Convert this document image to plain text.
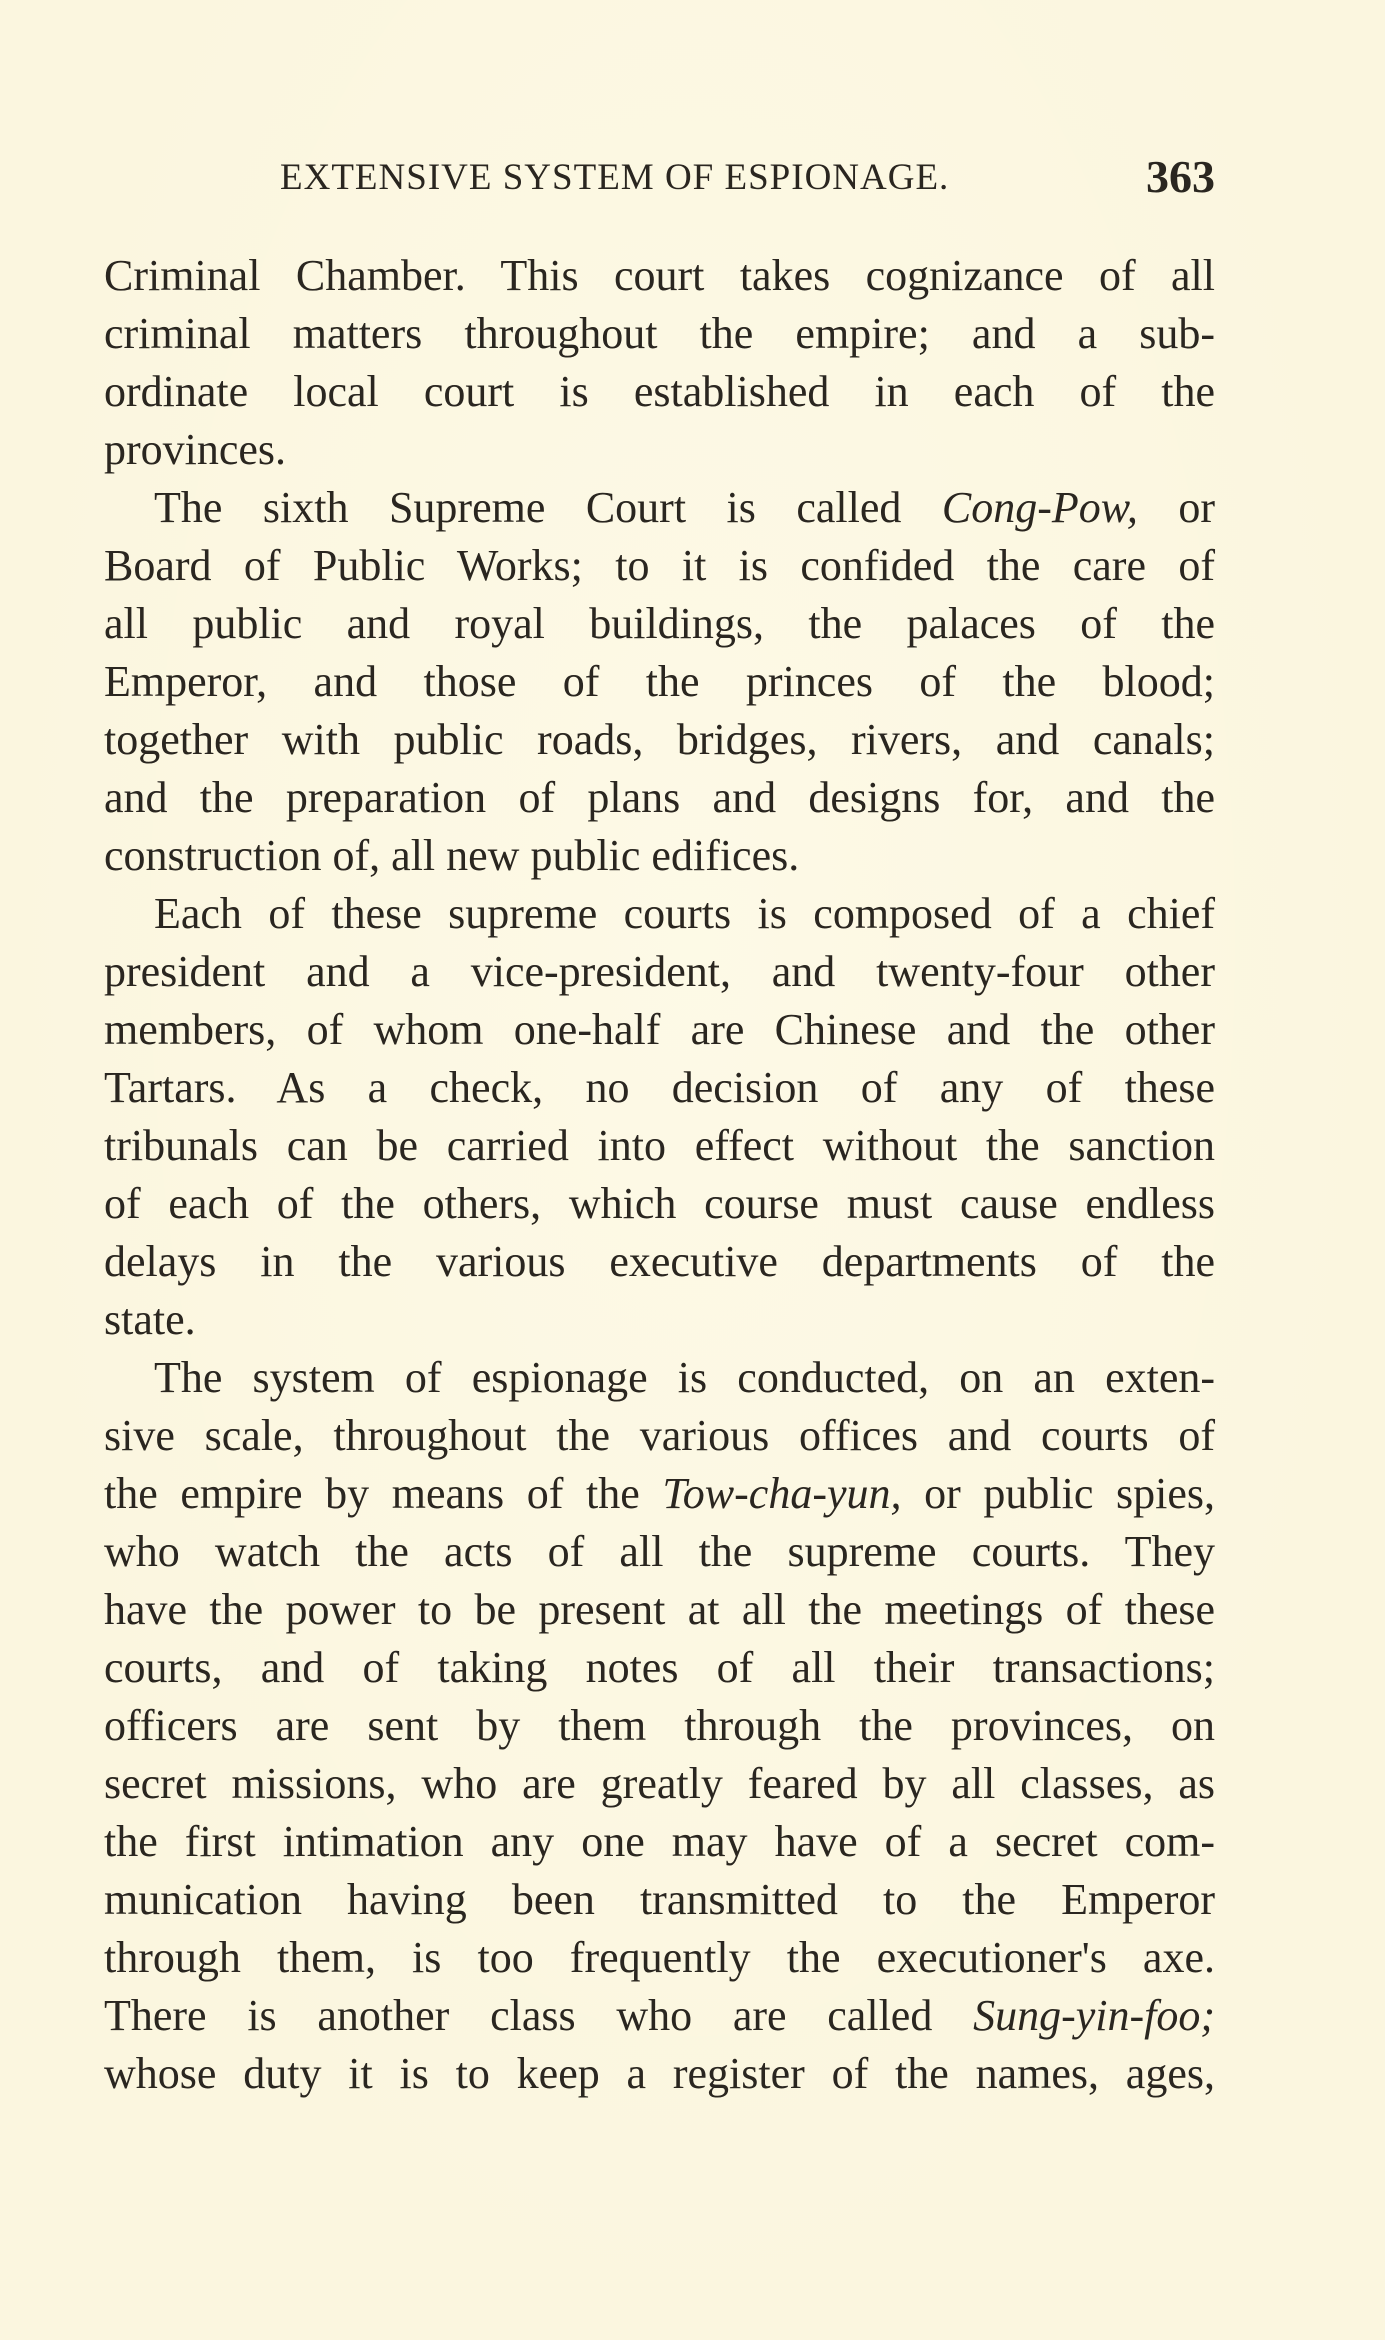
EXTENSIVE SYSTEM OF ESPIONAGE.	363
Criminal Chamber. This court takes cognizance of all
criminal matters throughout the empire; and a sub-
ordinate local court is established in each of the
provinces.
The sixth Supreme Court is called Cong-Pow, or
Board of Public Works; to it is confided the care of
all public and royal buildings, the palaces of the
Emperor, and those of the princes of the blood;
together with public roads, bridges, rivers, and canals;
and the preparation of plans and designs for, and the
construction of, all new public edifices.
Each of these supreme courts is composed of a chief
president and a vice-president, and twenty-four other
members, of whom one-half are Chinese and the other
Tartars. As a check, no decision of any of these
tribunals can be carried into effect without the sanction
of each of the others, which course must cause endless
delays in the various executive departments of the
state.
The system of espionage is conducted, on an exten-
sive scale, throughout the various offices and courts of
the empire by means of the Tow-cha-yun, or public spies,
who watch the acts of all the supreme courts. They
have the power to be present at all the meetings of these
courts, and of taking notes of all their transactions;
officers are sent by them through the provinces, on
secret missions, who are greatly feared by all classes, as
the first intimation any one may have of a secret com-
munication having been transmitted to the Emperor
through them, is too frequently the executioner's axe.
There is another class who are called Sung-yin-foo;
whose duty it is to keep a register of the names, ages,
